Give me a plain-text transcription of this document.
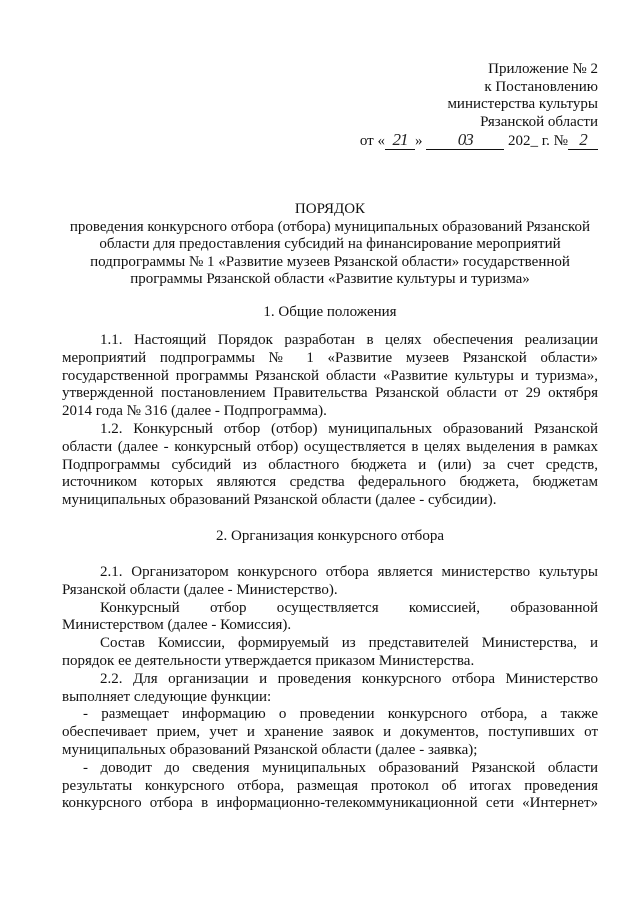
Приложение № 2
к Постановлению
министерства культуры
Рязанской области
от « 21 » 03 202_ г. № 2
ПОРЯДОК
проведения конкурсного отбора (отбора) муниципальных образований Рязанской
области для предоставления субсидий на финансирование мероприятий
подпрограммы № 1 «Развитие музеев Рязанской области» государственной
программы Рязанской области «Развитие культуры и туризма»
1. Общие положения
1.1. Настоящий Порядок разработан в целях обеспечения реализации
мероприятий подпрограммы № 1 «Развитие музеев Рязанской области»
государственной программы Рязанской области «Развитие культуры и туризма»,
утвержденной постановлением Правительства Рязанской области от 29 октября
2014 года № 316 (далее - Подпрограмма).
1.2. Конкурсный отбор (отбор) муниципальных образований Рязанской
области (далее - конкурсный отбор) осуществляется в целях выделения в рамках
Подпрограммы субсидий из областного бюджета и (или) за счет средств,
источником которых являются средства федерального бюджета, бюджетам
муниципальных образований Рязанской области (далее - субсидии).
2. Организация конкурсного отбора
2.1. Организатором конкурсного отбора является министерство культуры
Рязанской области (далее - Министерство).
Конкурсный отбор осуществляется комиссией, образованной
Министерством (далее - Комиссия).
Состав Комиссии, формируемый из представителей Министерства, и
порядок ее деятельности утверждается приказом Министерства.
2.2. Для организации и проведения конкурсного отбора Министерство
выполняет следующие функции:
- размещает информацию о проведении конкурсного отбора, а также
обеспечивает прием, учет и хранение заявок и документов, поступивших от
муниципальных образований Рязанской области (далее - заявка);
- доводит до сведения муниципальных образований Рязанской области
результаты конкурсного отбора, размещая протокол об итогах проведения
конкурсного отбора в информационно-телекоммуникационной сети «Интернет»
